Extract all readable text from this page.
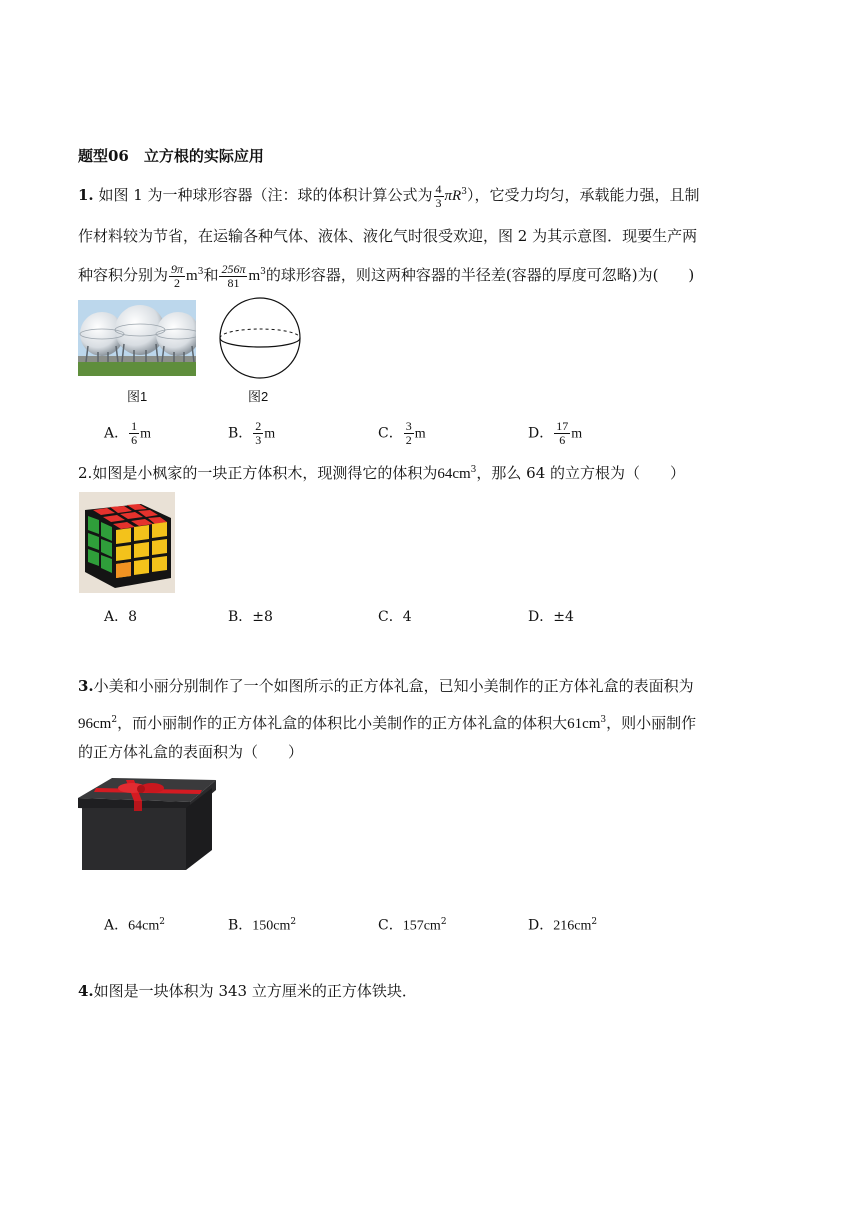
题型06　立方根的实际应用
1. 如图 1 为一种球形容器（注：球的体积计算公式为 $\frac{4}{3} \pi R^3$），它受力均匀，承载能力强，且制
作材料较为节省，在运输各种气体、液体、液化气时很受欢迎，图 2 为其示意图．现要生产两
种容积分别为 $\frac{9\pi}{2} m^3$和 $\frac{256\pi}{81} m^3$的球形容器，则这两种容器的半径差(容器的厚度可忽略)为(　　)
图1	图2
A． $\frac{1}{6}$ m	B． $\frac{2}{3}$ m	C． $\frac{3}{2}$ m	D． $\frac{17}{6}$ m
2.如图是小枫家的一块正方体积木，现测得它的体积为$64cm^3$，那么 64 的立方根为（　　）
A．8	B．±8	C．4	D．±4
3.小美和小丽分别制作了一个如图所示的正方体礼盒，已知小美制作的正方体礼盒的表面积为
$96cm^2$，而小丽制作的正方体礼盒的体积比小美制作的正方体礼盒的体积大$61cm^3$，则小丽制作
的正方体礼盒的表面积为（　　）
A．$64cm^2$	B．$150cm^2$	C．$157cm^2$	D．$216cm^2$
4.如图是一块体积为 343 立方厘米的正方体铁块．
